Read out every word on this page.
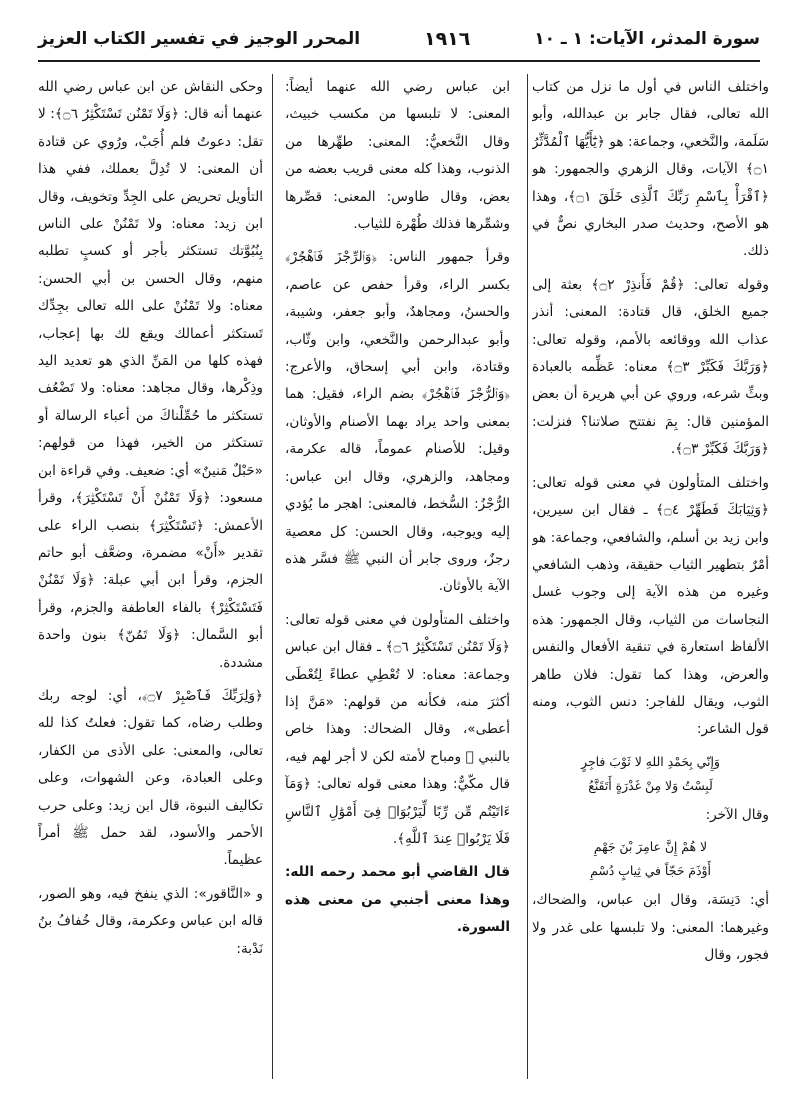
سورة المدثر، الآيات: ١ ـ ١٠
١٩١٦
المحرر الوجيز في تفسير الكتاب العزيز

واختلف الناس في أول ما نزل من كتاب الله تعالى، فقال جابر بن عبدالله، وأبو سَلَمة، والنَّخعي، وجماعة: هو ﴿يَٰٓأَيُّهَا ٱلْمُدَّثِّرُ ۝١﴾ الآيات، وقال الزهري والجمهور: هو ﴿ٱقْرَأْ بِٱسْمِ رَبِّكَ ٱلَّذِى خَلَقَ ۝١﴾، وهذا هو الأصح، وحديث صدر البخاري نصٌّ في ذلك.

وقوله تعالى: ﴿قُمْ فَأَنذِرْ ۝٢﴾ بعثة إلى جميع الخلق، قال قتادة: المعنى: أنذر عذاب الله ووقائعه بالأمم، وقوله تعالى: ﴿وَرَبَّكَ فَكَبِّرْ ۝٣﴾ معناه: عَظِّمه بالعبادة وبثِّ شرعه، وروي عن أبي هريرة أن بعض المؤمنين قال: بِمَ نفتتح صلاتنا؟ فنزلت: ﴿وَرَبَّكَ فَكَبِّرْ ۝٣﴾.

واختلف المتأولون في معنى قوله تعالى: ﴿وَثِيَابَكَ فَطَهِّرْ ۝٤﴾ ـ فقال ابن سيرين، وابن زيد بن أسلم، والشافعي، وجماعة: هو أمْرٌ بتطهير الثياب حقيقة، وذهب الشافعي وغيره من هذه الآية إلى وجوب غسل النجاسات من الثياب، وقال الجمهور: هذه الألفاظ استعارة في تنقية الأفعال والنفس والعرض، وهذا كما تقول: فلان طاهر الثوب، ويقال للفاجر: دنس الثوب، ومنه قول الشاعر:

وَإِنّي بِحَمْدِ اللهِ لا ثَوْبَ فاجِرٍ
لَبِسْتُ وَلا مِنْ غَدْرَةٍ أَتَقَنَّعُ

وقال الآخر:

لا هُمْ إِنَّ عامِرَ بْنَ جَهْمِ
أَوْذَمَ حَجّاً في ثِيابٍ دُسْمِ

أي: دَنِسَة، وقال ابن عباس، والضحاك، وغيرهما: المعنى: ولا تلبسها على غدر ولا فجور، وقال

ابن عباس رضي الله عنهما أيضاً: المعنى: لا تلبسها من مكسب خبيث، وقال النَّخعيُّ: المعنى: طهِّرها من الذنوب، وهذا كله معنى قريب بعضه من بعض، وقال طاوس: المعنى: قصِّرها وشمِّرها فذلك طُهْرة للثياب.

وقرأ جمهور الناس: ﴿وَٱلرِّجْزَ فَٱهْجُرْ﴾ بكسر الراء، وقرأ حفص عن عاصم، والحسنُ، ومجاهدٌ، وأبو جعفر، وشيبة، وأبو عبدالرحمن والنَّخعي، وابن وثّاب، وقتادة، وابن أبي إسحاق، والأعرج: ﴿وَٱلرُّجْزَ فَٱهْجُرْ﴾ بضم الراء، فقيل: هما بمعنى واحد يراد بهما الأصنام والأوثان، وقيل: للأصنام عموماً، قاله عكرمة، ومجاهد، والزهري، وقال ابن عباس: الرُّجْزُ: السُّخط، فالمعنى: اهجر ما يُؤدي إليه ويوجبه، وقال الحسن: كل معصية رجزٌ، وروى جابر أن النبي ﷺ فسَّر هذه الآية بالأوثان.

واختلف المتأولون في معنى قوله تعالى: ﴿وَلَا تَمْنُن تَسْتَكْثِرُ ۝٦﴾ ـ فقال ابن عباس وجماعة: معناه: لا تُعْطِي عطاءً لِتُعْطَى أكثرَ منه، فكأنه من قولهم: «مَنَّ إذا أعطى»، وقال الضحاك: وهذا خاص بالنبي ﷺ ومباح لأمته لكن لا أجر لهم فيه، قال مكّيٌّ: وهذا معنى قوله تعالى: ﴿وَمَآ ءَاتَيْتُم مِّن رِّبًا لِّيَرْبُوَا۟ فِىٓ أَمْوَٰلِ ٱلنَّاسِ فَلَا يَرْبُوا۟ عِندَ ٱللَّهِ﴾.

قال القاضي أبو محمد رحمه الله: وهذا معنى أجنبي من معنى هذه السورة.

وحكى النقاش عن ابن عباس رضي الله عنهما أنه قال: ﴿وَلَا تَمْنُن تَسْتَكْثِرُ ۝٦﴾: لا تقل: دعوتُ فلم أُجَبْ، ورُوي عن قتادة أن المعنى: لا تُدِلَّ بعملك، ففي هذا التأويل تحريض على الجِدِّ وتخويف، وقال ابن زيد: معناه: ولا تَمْنُنْ على الناس بِنُبُوَّتك تستكثر بأجر أو كسبٍ تطلبه منهم، وقال الحسن بن أبي الحسن: معناه: ولا تَمْنُنْ على الله تعالى بجِدِّك تَستكثر أعمالك ويقع لك بها إعجاب، فهذه كلها من المَنِّ الذي هو تعديد اليد وذِكْرها، وقال مجاهد: معناه: ولا تَضْعُف تستكثر ما حُمِّلْناكَ من أعباء الرسالة أو تستكثر من الخير، فهذا من قولهم: «حَبْلٌ مَنينٌ» أي: ضعيف. وفي قراءة ابن مسعود: ﴿وَلَا تَمْنُنْ أَنْ تَسْتَكْثِرَ﴾، وقرأ الأعمش: ﴿تَسْتَكْثِرَ﴾ بنصب الراء على تقدير «أَنْ» مضمرة، وضعَّف أبو حاتم الجزم، وقرأ ابن أبي عبلة: ﴿وَلَا تَمْنُنْ فَتَسْتَكْثِرْ﴾ بالفاء العاطفة والجزم، وقرأ أبو السَّمال: ﴿وَلَا تَمُنّ﴾ بنون واحدة مشددة.

﴿وَلِرَبِّكَ فَٱصْبِرْ ۝٧﴾، أي: لوجه ربك وطلب رضاه، كما تقول: فعلتُ كذا لله تعالى، والمعنى: على الأذى من الكفار، وعلى العبادة، وعن الشهوات، وعلى تكاليف النبوة، قال ابن زيد: وعلى حرب الأحمر والأسود، لقد حمل ﷺ أمراً عظيماً.

و «النَّاقور»: الذي ينفخ فيه، وهو الصور، قاله ابن عباس وعكرمة، وقال خُفافُ بنُ نَدْبة:
